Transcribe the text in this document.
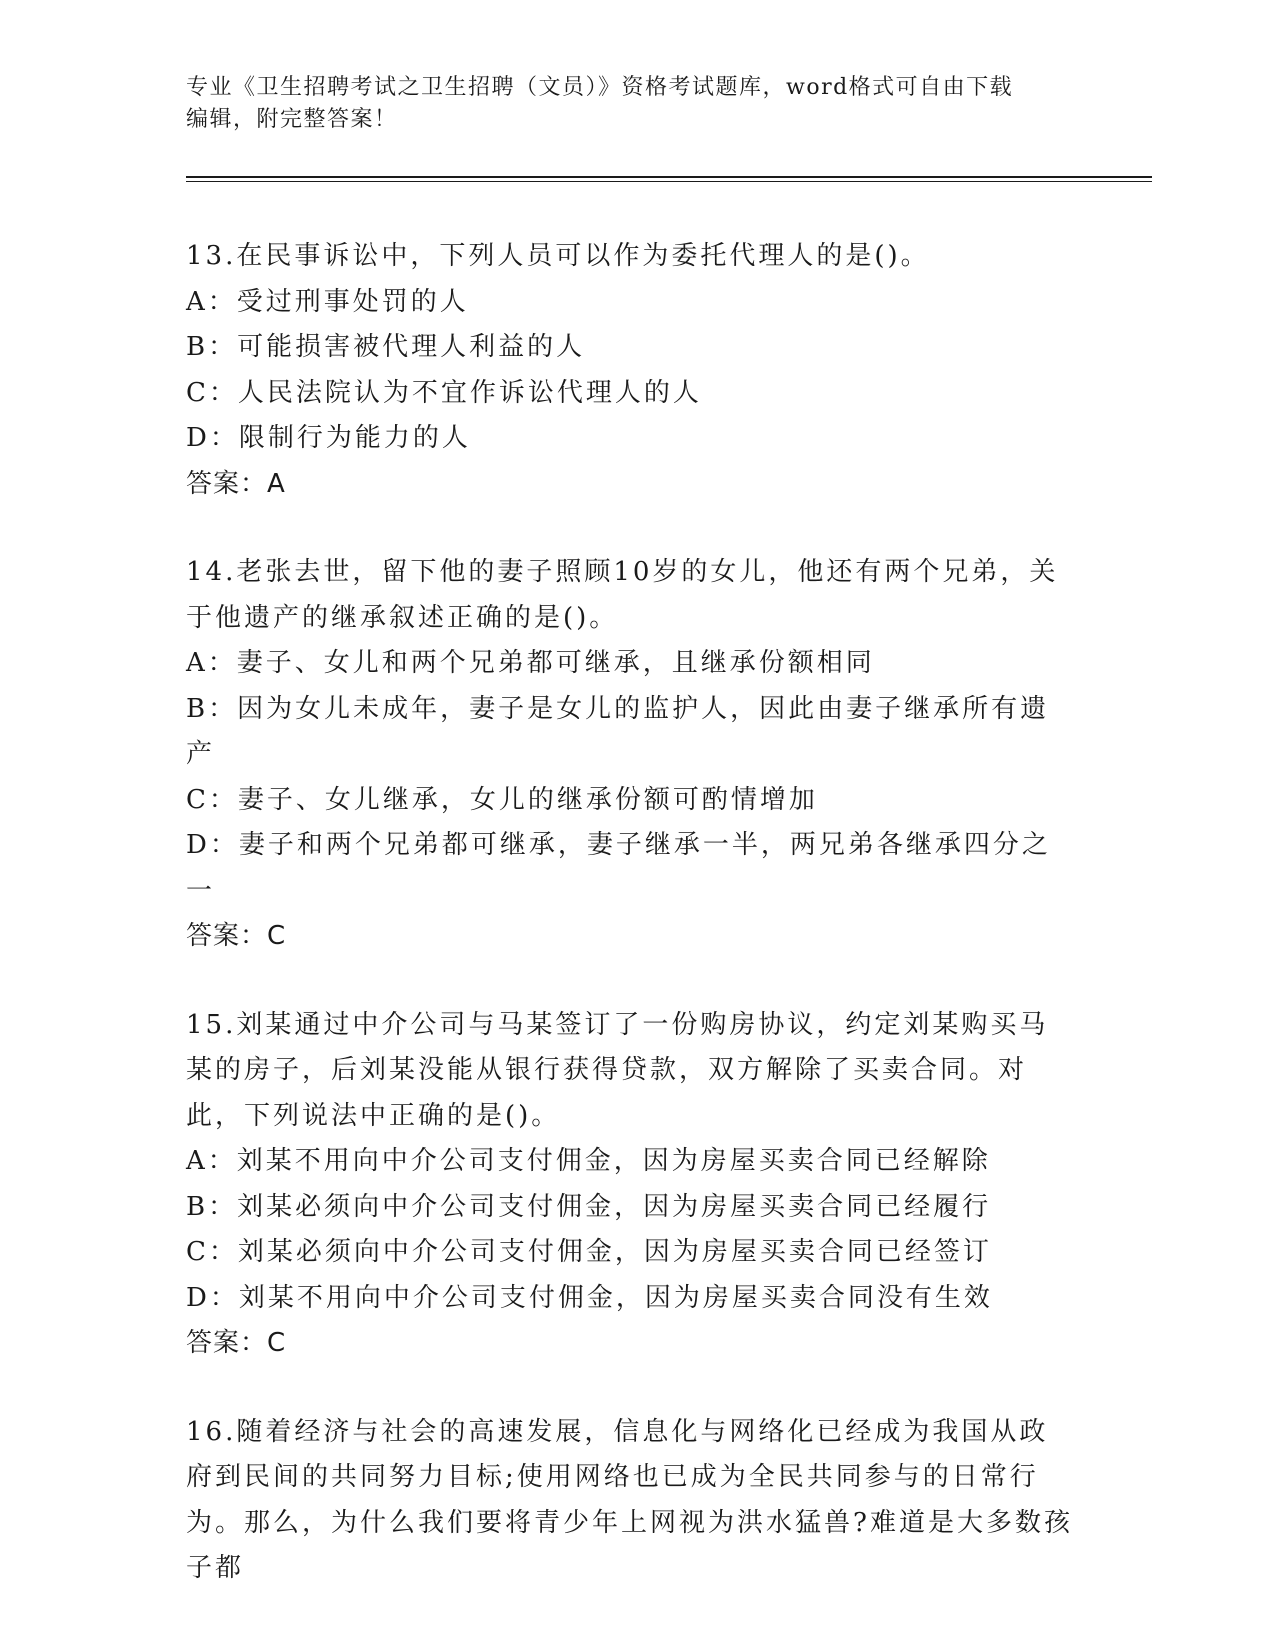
专业《卫生招聘考试之卫生招聘（文员）》资格考试题库，word格式可自由下载
编辑，附完整答案！
13.在民事诉讼中，下列人员可以作为委托代理人的是()。
A：受过刑事处罚的人
B：可能损害被代理人利益的人
C：人民法院认为不宜作诉讼代理人的人
D：限制行为能力的人
答案：A
14.老张去世，留下他的妻子照顾10岁的女儿，他还有两个兄弟，关于他遗产的继承叙述正确的是()。
A：妻子、女儿和两个兄弟都可继承，且继承份额相同
B：因为女儿未成年，妻子是女儿的监护人，因此由妻子继承所有遗产
C：妻子、女儿继承，女儿的继承份额可酌情增加
D：妻子和两个兄弟都可继承，妻子继承一半，两兄弟各继承四分之一
答案：C
15.刘某通过中介公司与马某签订了一份购房协议，约定刘某购买马某的房子，后刘某没能从银行获得贷款，双方解除了买卖合同。对此，下列说法中正确的是()。
A：刘某不用向中介公司支付佣金，因为房屋买卖合同已经解除
B：刘某必须向中介公司支付佣金，因为房屋买卖合同已经履行
C：刘某必须向中介公司支付佣金，因为房屋买卖合同已经签订
D：刘某不用向中介公司支付佣金，因为房屋买卖合同没有生效
答案：C
16.随着经济与社会的高速发展，信息化与网络化已经成为我国从政府到民间的共同努力目标;使用网络也已成为全民共同参与的日常行为。那么，为什么我们要将青少年上网视为洪水猛兽?难道是大多数孩子都
